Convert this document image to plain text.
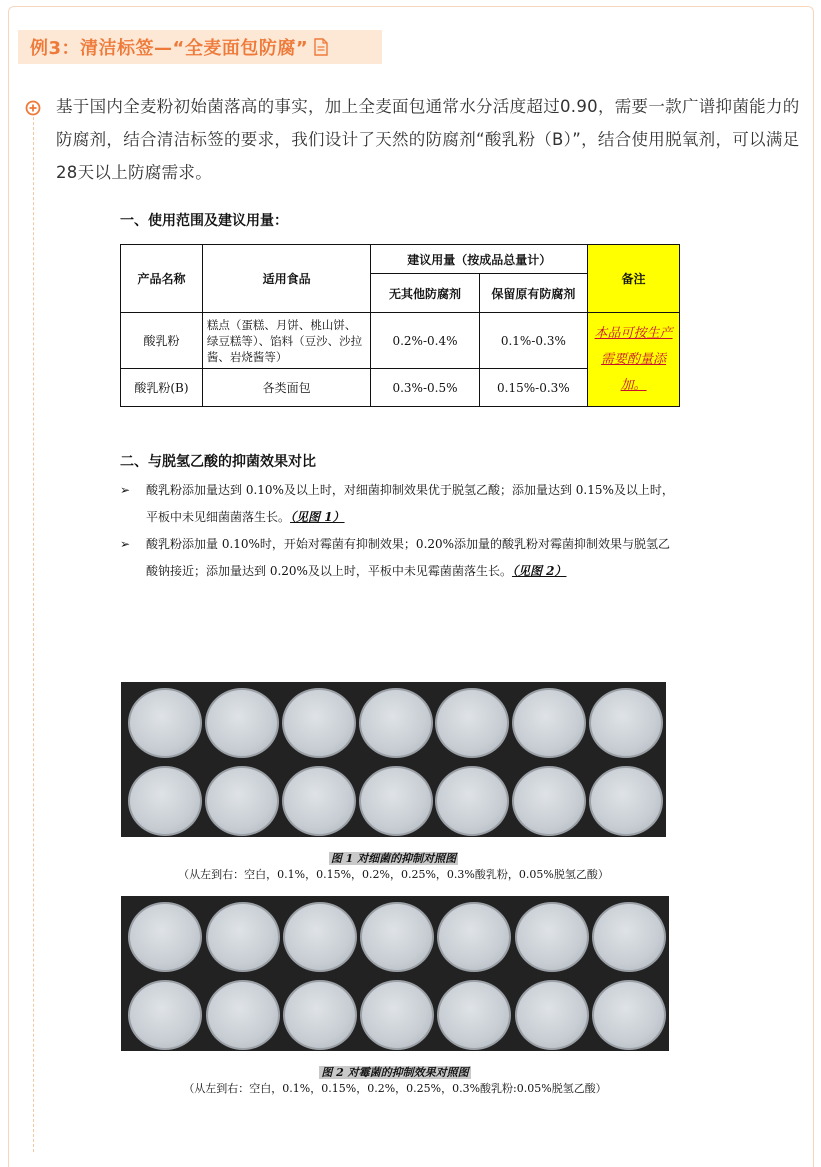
例3：清洁标签—“全麦面包防腐”
基于国内全麦粉初始菌落高的事实，加上全麦面包通常水分活度超过0.90，需要一款广谱抑菌能力的防腐剂，结合清洁标签的要求，我们设计了天然的防腐剂“酸乳粉（B）”，结合使用脱氧剂，可以满足28天以上防腐需求。
一、使用范围及建议用量：
产品名称	适用食品	建议用量（按成品总量计）		备注
		无其他防腐剂	保留原有防腐剂	
酸乳粉	糕点（蛋糕、月饼、桃山饼、绿豆糕等）、馅料（豆沙、沙拉酱、岩烧酱等）	0.2%-0.4%	0.1%-0.3%	本品可按生产需要酌量添加。
酸乳粉(B)	各类面包	0.3%-0.5%	0.15%-0.3%	
二、与脱氢乙酸的抑菌效果对比
➢	酸乳粉添加量达到 0.10%及以上时，对细菌抑制效果优于脱氢乙酸；添加量达到 0.15%及以上时，平板中未见细菌菌落生长。（见图 1）
➢	酸乳粉添加量 0.10%时，开始对霉菌有抑制效果；0.20%添加量的酸乳粉对霉菌抑制效果与脱氢乙酸钠接近；添加量达到 0.20%及以上时，平板中未见霉菌菌落生长。（见图 2）
图 1 对细菌的抑制对照图
（从左到右：空白，0.1%，0.15%，0.2%，0.25%，0.3%酸乳粉，0.05%脱氢乙酸）
图 2 对霉菌的抑制效果对照图
（从左到右：空白，0.1%，0.15%，0.2%，0.25%，0.3%酸乳粉:0.05%脱氢乙酸）
